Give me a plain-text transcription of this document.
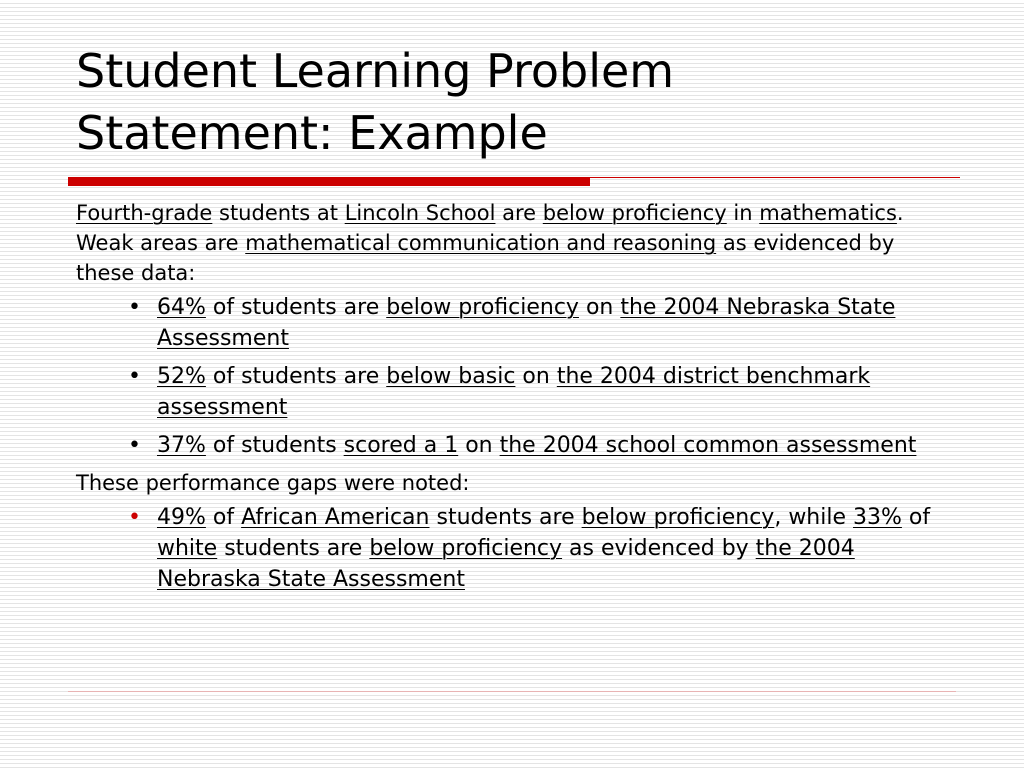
Student Learning Problem
Statement: Example

Fourth-grade students at Lincoln School are below proficiency in mathematics. Weak areas are mathematical communication and reasoning as evidenced by these data:

• 64% of students are below proficiency on the 2004 Nebraska State Assessment
• 52% of students are below basic on the 2004 district benchmark assessment
• 37% of students scored a 1 on the 2004 school common assessment

These performance gaps were noted:

• 49% of African American students are below proficiency, while 33% of white students are below proficiency as evidenced by the 2004 Nebraska State Assessment
